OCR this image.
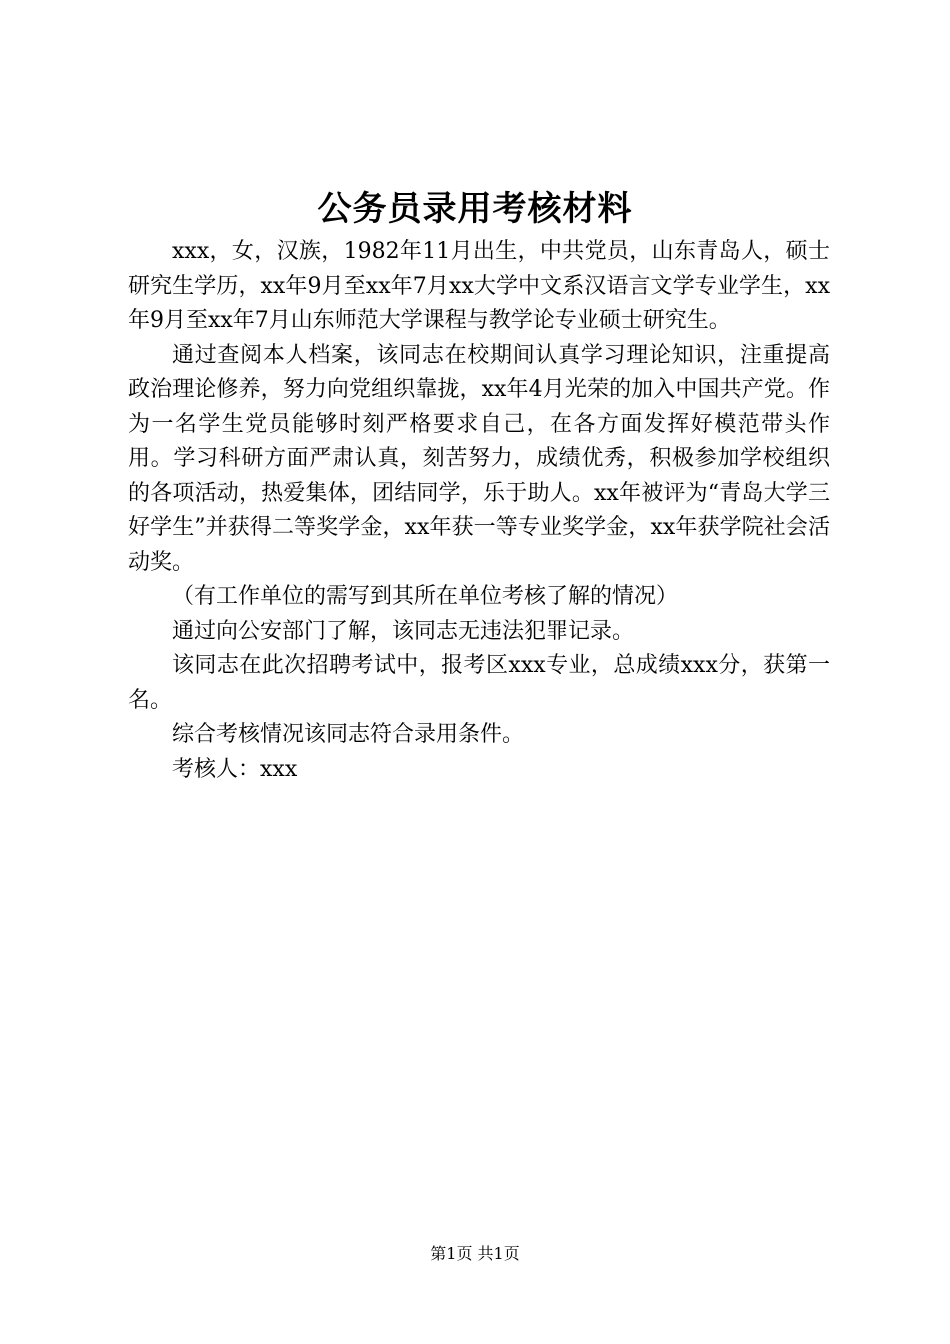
公务员录用考核材料

xxx，女，汉族，1982年11月出生，中共党员，山东青岛人，硕士研究生学历，xx年9月至xx年7月xx大学中文系汉语言文学专业学生，xx年9月至xx年7月山东师范大学课程与教学论专业硕士研究生。

通过查阅本人档案，该同志在校期间认真学习理论知识，注重提高政治理论修养，努力向党组织靠拢，xx年4月光荣的加入中国共产党。作为一名学生党员能够时刻严格要求自己，在各方面发挥好模范带头作用。学习科研方面严肃认真，刻苦努力，成绩优秀，积极参加学校组织的各项活动，热爱集体，团结同学，乐于助人。xx年被评为“青岛大学三好学生”并获得二等奖学金，xx年获一等专业奖学金，xx年获学院社会活动奖。

（有工作单位的需写到其所在单位考核了解的情况）

通过向公安部门了解，该同志无违法犯罪记录。

该同志在此次招聘考试中，报考区xxx专业，总成绩xxx分，获第一名。

综合考核情况该同志符合录用条件。

考核人：xxx

第1页 共1页
